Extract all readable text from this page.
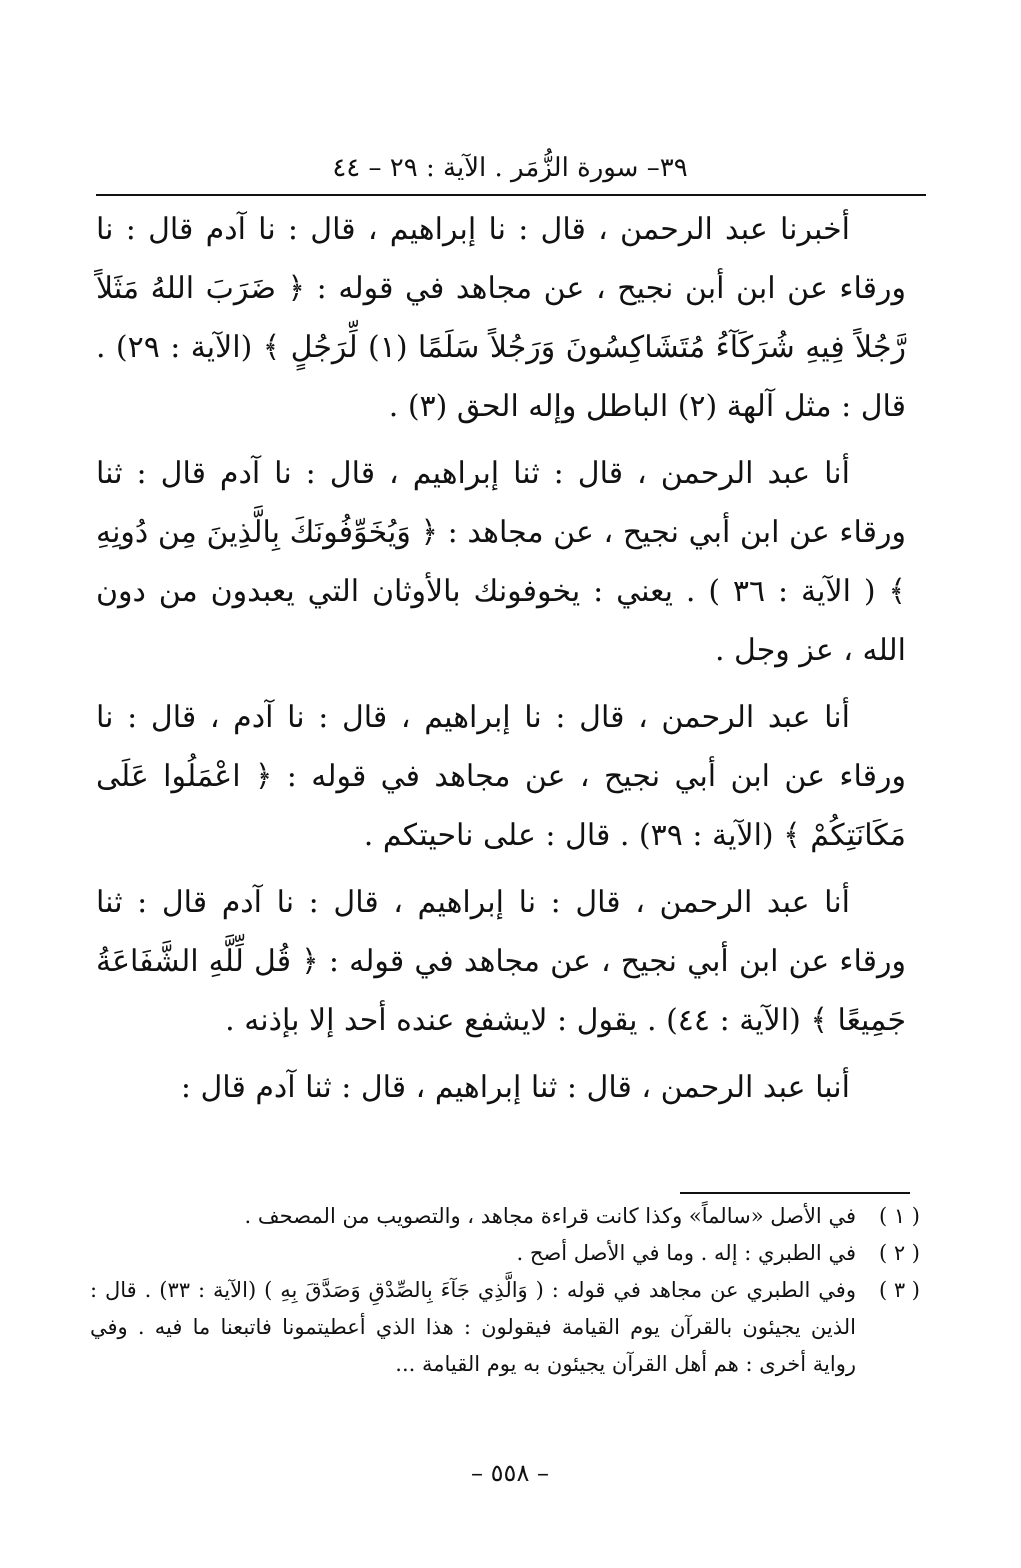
٣٩– سورة الزُّمَر . الآية : ٢٩ – ٤٤

أخبرنا عبد الرحمن ، قال : نا إبراهيم ، قال : نا آدم قال : نا ورقاء عن ابن أبن نجيح ، عن مجاهد في قوله : ﴿ ضَرَبَ اللهُ مَثَلاً رَّجُلاً فِيهِ شُرَكَآءُ مُتَشَاكِسُونَ وَرَجُلاً سَلَمًا (١) لِّرَجُلٍ ﴾ (الآية : ٢٩) . قال : مثل آلهة (٢) الباطل وإله الحق (٣) .

أنا عبد الرحمن ، قال : ثنا إبراهيم ، قال : نا آدم قال : ثنا ورقاء عن ابن أبي نجيح ، عن مجاهد : ﴿ وَيُخَوِّفُونَكَ بِالَّذِينَ مِن دُونِهِ ﴾ ( الآية : ٣٦ ) . يعني : يخوفونك بالأوثان التي يعبدون من دون الله ، عز وجل .

أنا عبد الرحمن ، قال : نا إبراهيم ، قال : نا آدم ، قال : نا ورقاء عن ابن أبي نجيح ، عن مجاهد في قوله : ﴿ اعْمَلُوا عَلَى مَكَانَتِكُمْ ﴾ (الآية : ٣٩) . قال : على ناحيتكم .

أنا عبد الرحمن ، قال : نا إبراهيم ، قال : نا آدم قال : ثنا ورقاء عن ابن أبي نجيح ، عن مجاهد في قوله : ﴿ قُل لِّلَّهِ الشَّفَاعَةُ جَمِيعًا ﴾ (الآية : ٤٤) . يقول : لايشفع عنده أحد إلا بإذنه .

أنبا عبد الرحمن ، قال : ثنا إبراهيم ، قال : ثنا آدم قال :

( ١ )
في الأصل «سالماً» وكذا كانت قراءة مجاهد ، والتصويب من المصحف .
( ٢ )
في الطبري : إله . وما في الأصل أصح .
( ٣ )
وفي الطبري عن مجاهد في قوله : ( وَالَّذِي جَآءَ بِالصِّدْقِ وَصَدَّقَ بِهِ ) (الآية : ٣٣) . قال : الذين يجيئون بالقرآن يوم القيامة فيقولون : هذا الذي أعطيتمونا فاتبعنا ما فيه . وفي رواية أخرى : هم أهل القرآن يجيئون به يوم القيامة ...
– ٥٥٨ –
